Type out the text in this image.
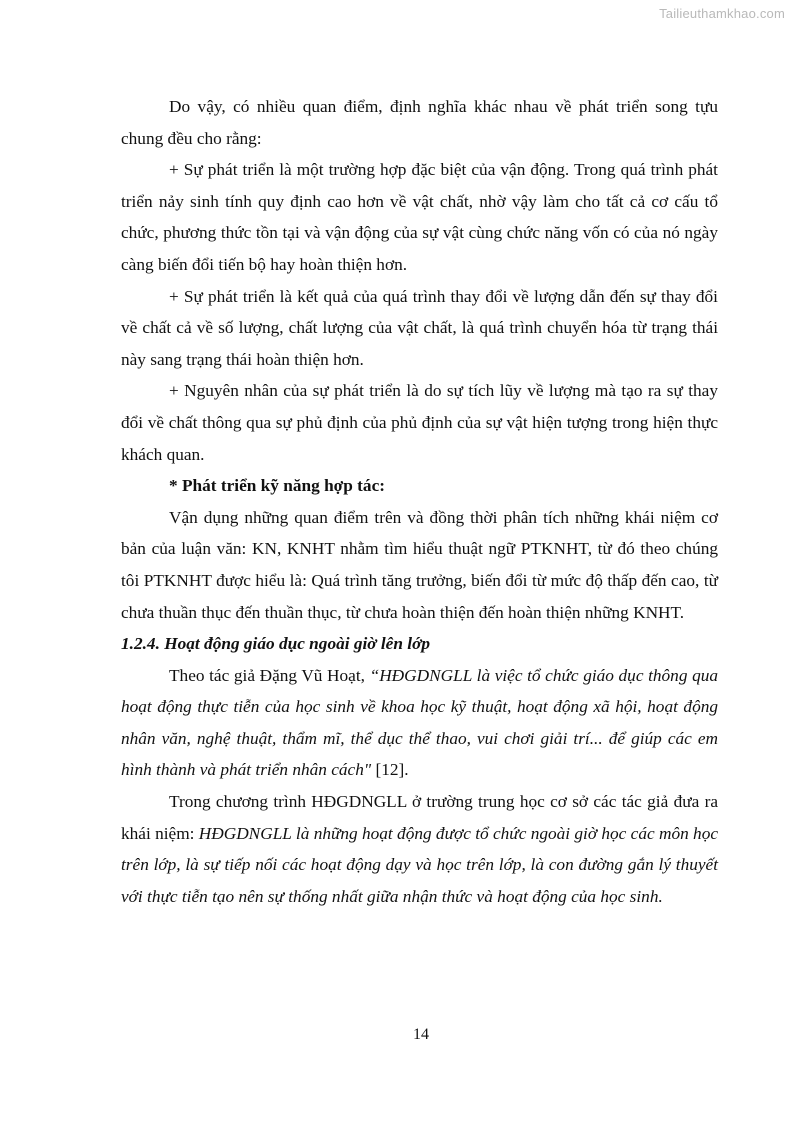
Tailieuthamkhao.com

Do vậy, có nhiều quan điểm, định nghĩa khác nhau về phát triển song tựu chung đều cho rằng:

+ Sự phát triển là một trường hợp đặc biệt của vận động. Trong quá trình phát triển nảy sinh tính quy định cao hơn về vật chất, nhờ vậy làm cho tất cả cơ cấu tổ chức, phương thức tồn tại và vận động của sự vật cùng chức năng vốn có của nó ngày càng biến đổi tiến bộ hay hoàn thiện hơn.

+ Sự phát triển là kết quả của quá trình thay đổi về lượng dẫn đến sự thay đổi về chất cả về số lượng, chất lượng của vật chất, là quá trình chuyển hóa từ trạng thái này sang trạng thái hoàn thiện hơn.

+ Nguyên nhân của sự phát triển là do sự tích lũy về lượng mà tạo ra sự thay đổi về chất thông qua sự phủ định của phủ định của sự vật hiện tượng trong hiện thực khách quan.

* Phát triển kỹ năng hợp tác:

Vận dụng những quan điểm trên và đồng thời phân tích những khái niệm cơ bản của luận văn: KN, KNHT nhằm tìm hiểu thuật ngữ PTKNHT, từ đó theo chúng tôi PTKNHT được hiểu là: Quá trình tăng trưởng, biến đổi từ mức độ thấp đến cao, từ chưa thuần thục đến thuần thục, từ chưa hoàn thiện đến hoàn thiện những KNHT.

1.2.4. Hoạt động giáo dục ngoài giờ lên lớp

Theo tác giả Đặng Vũ Hoạt, “HĐGDNGLL là việc tổ chức giáo dục thông qua hoạt động thực tiễn của học sinh về khoa học kỹ thuật, hoạt động xã hội, hoạt động nhân văn, nghệ thuật, thẩm mĩ, thể dục thể thao, vui chơi giải trí... để giúp các em hình thành và phát triển nhân cách" [12].

Trong chương trình HĐGDNGLL ở trường trung học cơ sở các tác giả đưa ra khái niệm: HĐGDNGLL là những hoạt động được tổ chức ngoài giờ học các môn học trên lớp, là sự tiếp nối các hoạt động dạy và học trên lớp, là con đường gắn lý thuyết với thực tiễn tạo nên sự thống nhất giữa nhận thức và hoạt động của học sinh.

14
